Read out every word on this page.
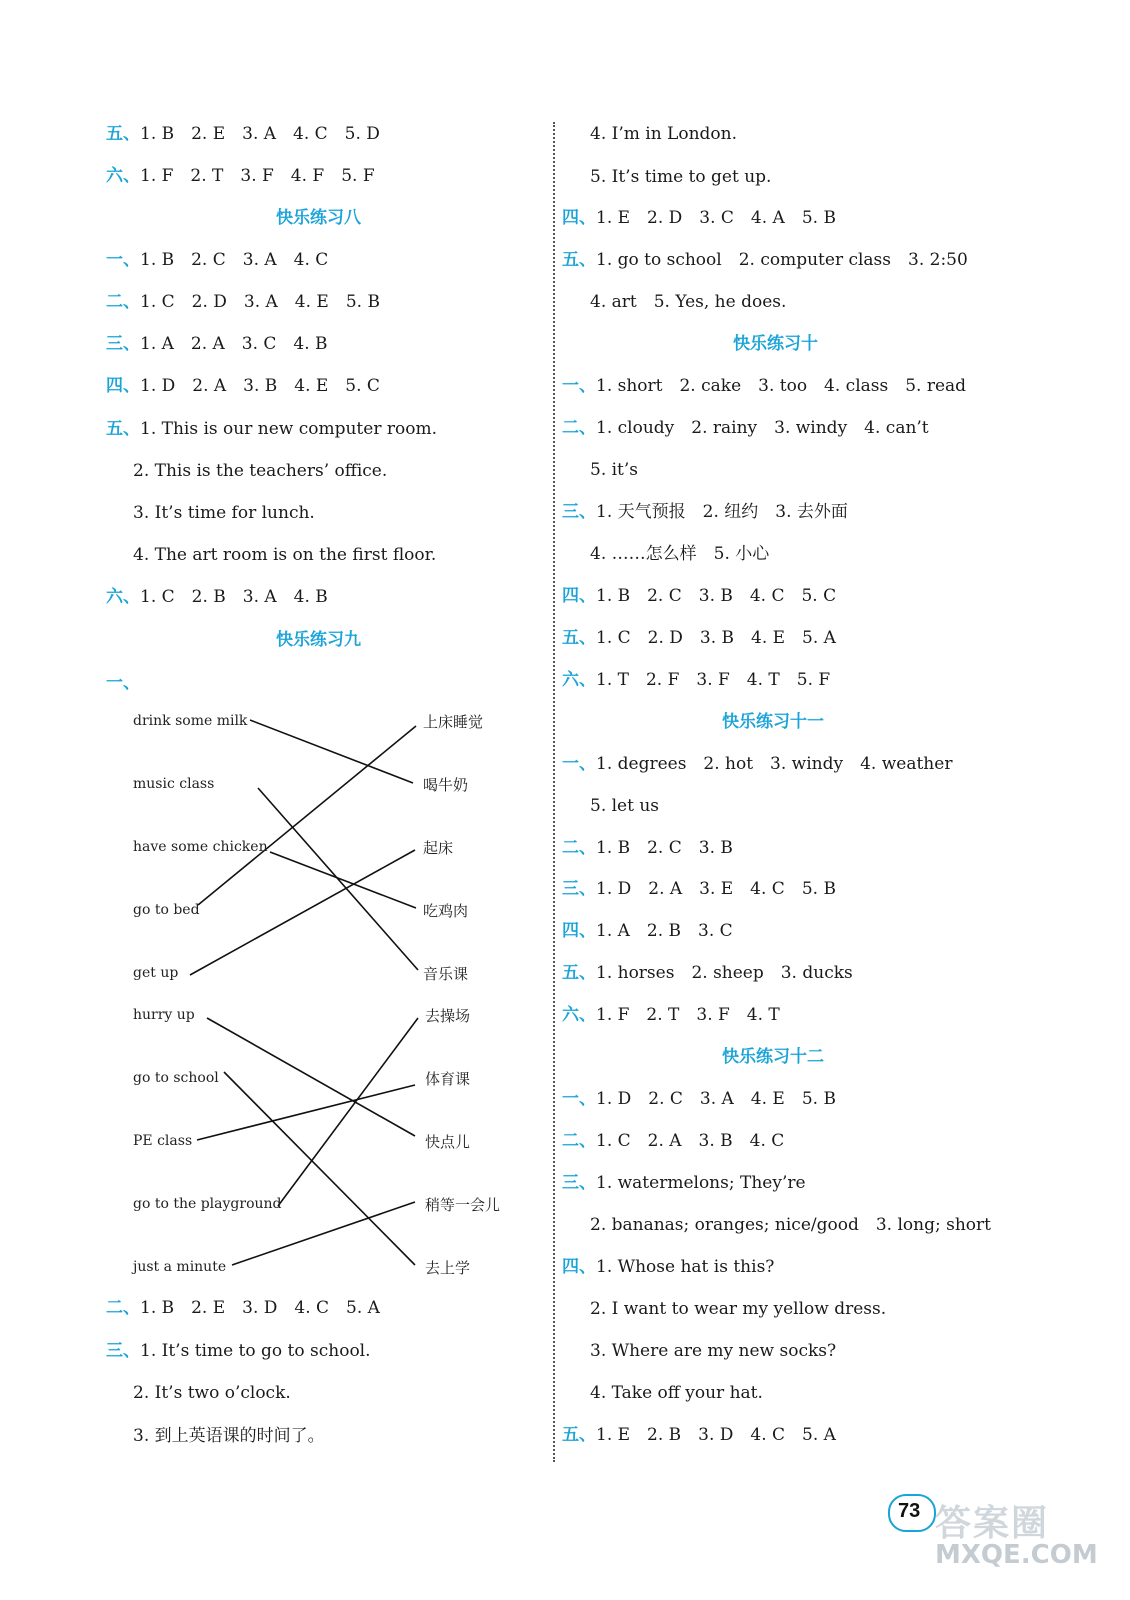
五、1. B　2. E　3. A　4. C　5. D
六、1. F　2. T　3. F　4. F　5. F
快乐练习八
一、1. B　2. C　3. A　4. C
二、1. C　2. D　3. A　4. E　5. B
三、1. A　2. A　3. C　4. B
四、1. D　2. A　3. B　4. E　5. C
五、1. This is our new computer room.
2. This is the teachers’ office.
3. It’s time for lunch.
4. The art room is on the first floor.
六、1. C　2. B　3. A　4. B
快乐练习九
一、
drink some milk
music class
have some chicken
go to bed
get up
hurry up
go to school
PE class
go to the playground
just a minute
上床睡觉
喝牛奶
起床
吃鸡肉
音乐课
去操场
体育课
快点儿
稍等一会儿
去上学
二、1. B　2. E　3. D　4. C　5. A
三、1. It’s time to go to school.
2. It’s two o’clock.
3. 到上英语课的时间了。
4. I’m in London.
5. It’s time to get up.
四、1. E　2. D　3. C　4. A　5. B
五、1. go to school　2. computer class　3. 2:50
4. art　5. Yes, he does.
快乐练习十
一、1. short　2. cake　3. too　4. class　5. read
二、1. cloudy　2. rainy　3. windy　4. can’t
5. it’s
三、1. 天气预报　2. 纽约　3. 去外面
4. ……怎么样　5. 小心
四、1. B　2. C　3. B　4. C　5. C
五、1. C　2. D　3. B　4. E　5. A
六、1. T　2. F　3. F　4. T　5. F
快乐练习十一
一、1. degrees　2. hot　3. windy　4. weather
5. let us
二、1. B　2. C　3. B
三、1. D　2. A　3. E　4. C　5. B
四、1. A　2. B　3. C
五、1. horses　2. sheep　3. ducks
六、1. F　2. T　3. F　4. T
快乐练习十二
一、1. D　2. C　3. A　4. E　5. B
二、1. C　2. A　3. B　4. C
三、1. watermelons; They’re
2. bananas; oranges; nice/good　3. long; short
四、1. Whose hat is this?
2. I want to wear my yellow dress.
3. Where are my new socks?
4. Take off your hat.
五、1. E　2. B　3. D　4. C　5. A
73 答案圈
MXQE.COM
